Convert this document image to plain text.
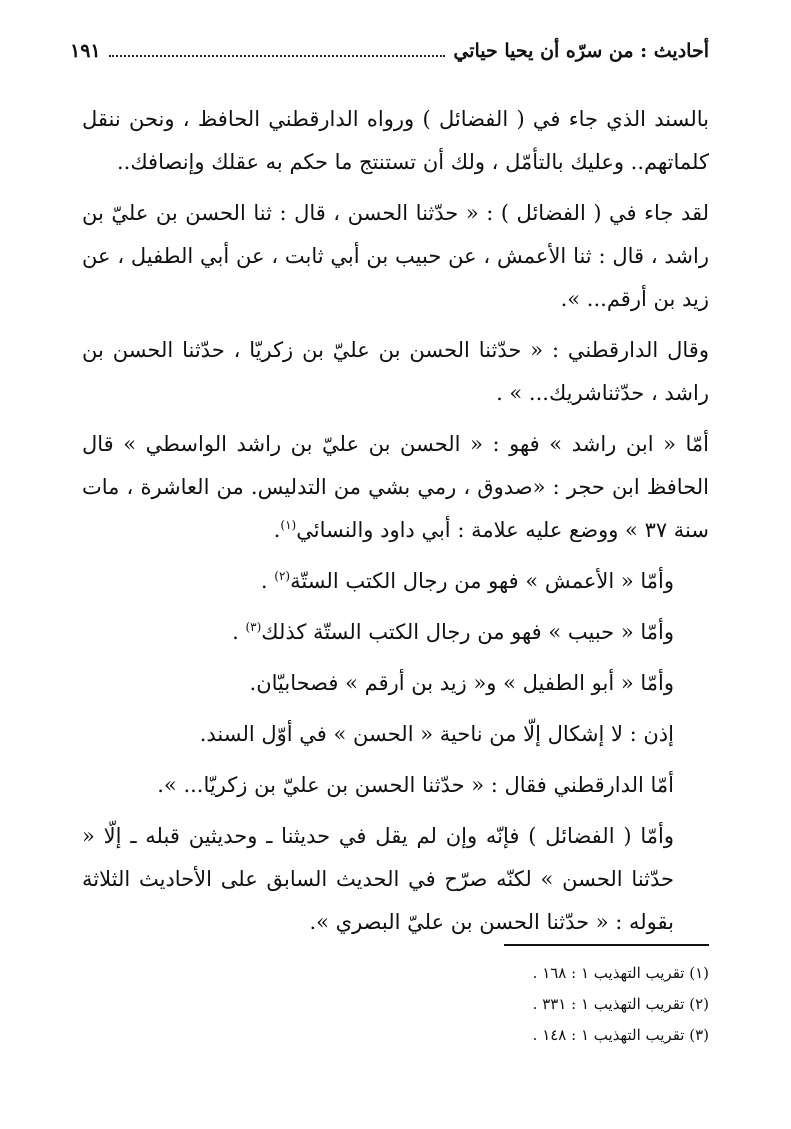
أحاديث : من سرّه أن يحيا حياتي
١٩١

بالسند الذي جاء في ( الفضائل ) ورواه الدارقطني الحافظ ، ونحن ننقل كلماتهم.. وعليك بالتأمّل ، ولك أن تستنتج ما حكم به عقلك وإنصافك..

لقد جاء في ( الفضائل ) : « حدّثنا الحسن ، قال : ثنا الحسن بن عليّ بن راشد ، قال : ثنا الأعمش ، عن حبيب بن أبي ثابت ، عن أبي الطفيل ، عن زيد بن أرقم... ».

وقال الدارقطني : « حدّثنا الحسن بن عليّ بن زكريّا ، حدّثنا الحسن بن راشد ، حدّثناشريك... » .

أمّا « ابن راشد » فهو : « الحسن بن عليّ بن راشد الواسطي » قال الحافظ ابن حجر : «صدوق ، رمي بشي من التدليس. من العاشرة ، مات سنة ٣٧ » ووضع عليه علامة : أبي داود والنسائي$^{(١)}$.

وأمّا « الأعمش » فهو من رجال الكتب الستّة$^{(٢)}$ .

وأمّا « حبيب » فهو من رجال الكتب الستّة كذلك$^{(٣)}$ .

وأمّا « أبو الطفيل » و« زيد بن أرقم » فصحابيّان.

إذن : لا إشكال إلّا من ناحية « الحسن » في أوّل السند.

أمّا الدارقطني فقال : « حدّثنا الحسن بن عليّ بن زكريّا... ».

وأمّا ( الفضائل ) فإنّه وإن لم يقل في حديثنا ـ وحديثين قبله ـ إلّا « حدّثنا الحسن » لكنّه صرّح في الحديث السابق على الأحاديث الثلاثة بقوله : « حدّثنا الحسن بن عليّ البصري ».

(١) تقريب التهذيب ١ : ١٦٨ .
(٢) تقريب التهذيب ١ : ٣٣١ .
(٣) تقريب التهذيب ١ : ١٤٨ .
